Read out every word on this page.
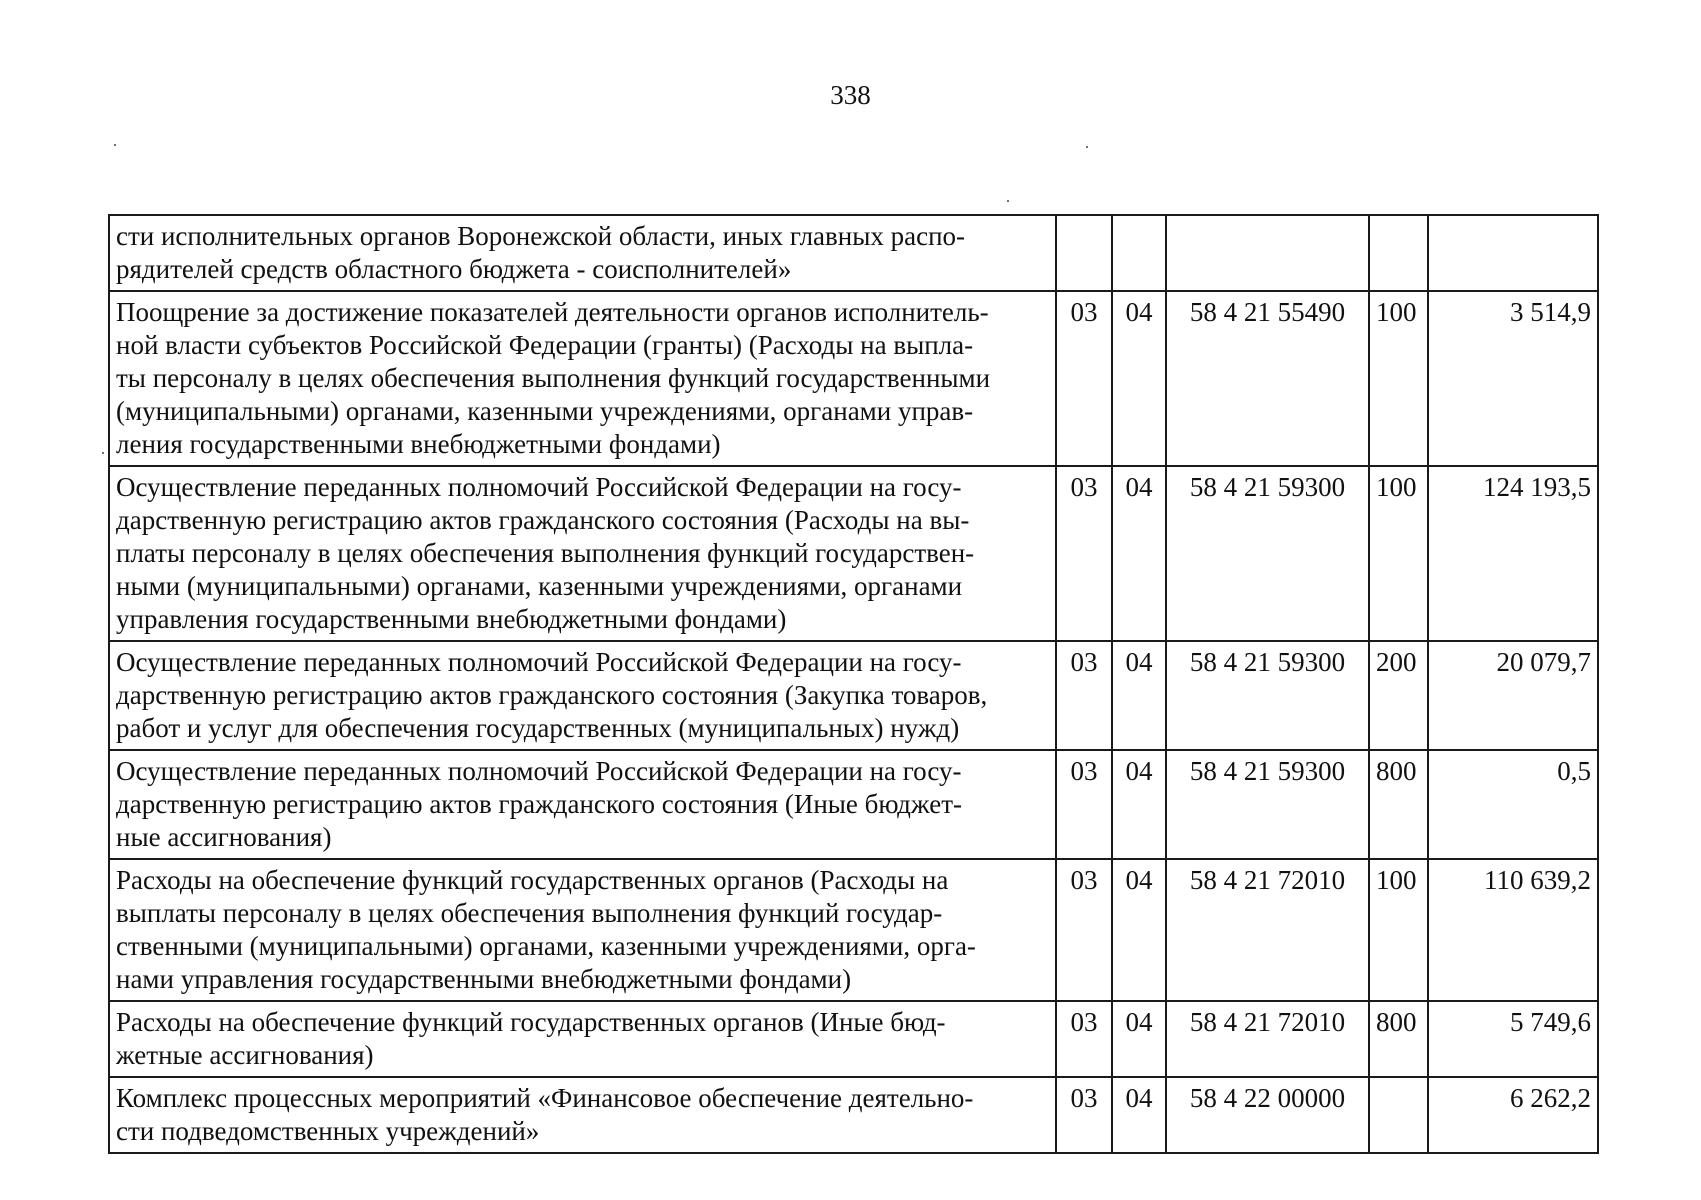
338
сти исполнительных органов Воронежской области, иных главных распо-
рядителей средств областного бюджета - соисполнителей»					

Поощрение за достижение показателей деятельности органов исполнитель-
ной власти субъектов Российской Федерации (гранты) (Расходы на выпла-
ты персоналу в целях обеспечения выполнения функций государственными
(муниципальными) органами, казенными учреждениями, органами управ-
ления государственными внебюджетными фондами)	03	04	58 4 21 55490	100	3 514,9

Осуществление переданных полномочий Российской Федерации на госу-
дарственную регистрацию актов гражданского состояния (Расходы на вы-
платы персоналу в целях обеспечения выполнения функций государствен-
ными (муниципальными) органами, казенными учреждениями, органами
управления государственными внебюджетными фондами)	03	04	58 4 21 59300	100	124 193,5

Осуществление переданных полномочий Российской Федерации на госу-
дарственную регистрацию актов гражданского состояния (Закупка товаров,
работ и услуг для обеспечения государственных (муниципальных) нужд)	03	04	58 4 21 59300	200	20 079,7

Осуществление переданных полномочий Российской Федерации на госу-
дарственную регистрацию актов гражданского состояния (Иные бюджет-
ные ассигнования)	03	04	58 4 21 59300	800	0,5

Расходы на обеспечение функций государственных органов (Расходы на
выплаты персоналу в целях обеспечения выполнения функций государ-
ственными (муниципальными) органами, казенными учреждениями, орга-
нами управления государственными внебюджетными фондами)	03	04	58 4 21 72010	100	110 639,2

Расходы на обеспечение функций государственных органов (Иные бюд-
жетные ассигнования)	03	04	58 4 21 72010	800	5 749,6

Комплекс процессных мероприятий «Финансовое обеспечение деятельно-
сти подведомственных учреждений»	03	04	58 4 22 00000		6 262,2
